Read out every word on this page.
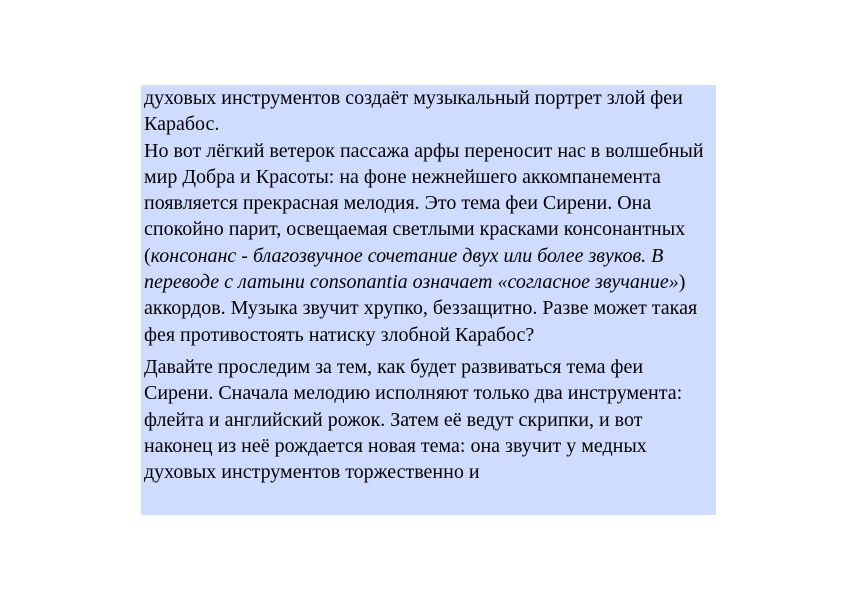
духовых инструментов создаёт музыкальный портрет злой феи Карабос.
Но вот лёгкий ветерок пассажа арфы переносит нас в волшебный мир Добра и Красоты: на фоне нежнейшего аккомпанемента появляется прекрасная мелодия. Это тема феи Сирени. Она спокойно парит, освещаемая светлыми красками консонантных (консонанс - благозвучное сочетание двух или более звуков. В переводе с латыни consonantia означает «согласное звучание») аккордов. Музыка звучит хрупко, беззащитно. Разве может такая фея противостоять натиску злобной Карабос?

Давайте проследим за тем, как будет развиваться тема феи Сирени. Сначала мелодию исполняют только два инструмента: флейта и английский рожок. Затем её ведут скрипки, и вот наконец из неё рождается новая тема: она звучит у медных духовых инструментов торжественно и
